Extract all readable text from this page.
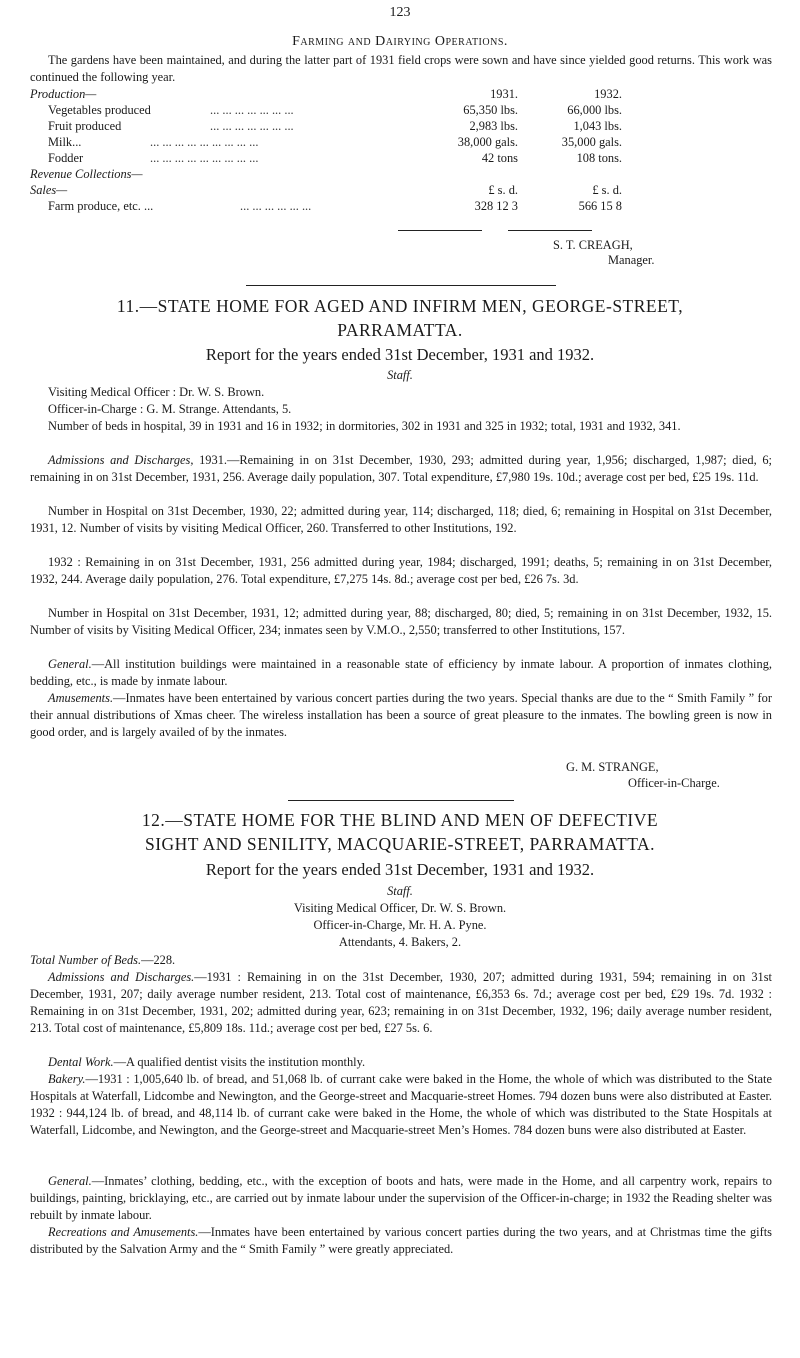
123
Farming and Dairying Operations.
The gardens have been maintained, and during the latter part of 1931 field crops were sown and have since yielded good returns. This work was continued the following year.
Production—	1931.	1932.
Vegetables produced	... ... ... ... ... ... ...	65,350 lbs.	66,000 lbs.
Fruit produced	... ... ... ... ... ... ...	2,983 lbs.	1,043 lbs.
Milk...	... ... ... ... ... ... ... ... ...	38,000 gals.	35,000 gals.
Fodder	... ... ... ... ... ... ... ... ...	42 tons	108 tons.
Revenue Collections—
Sales—	£ s. d.	£ s. d.
Farm produce, etc. ...	... ... ... ... ... ...	328 12 3	566 15 8
S. T. CREAGH,
Manager.
11.—STATE HOME FOR AGED AND INFIRM MEN, GEORGE-STREET,
PARRAMATTA.
Report for the years ended 31st December, 1931 and 1932.
Staff.
Visiting Medical Officer : Dr. W. S. Brown.
Officer-in-Charge : G. M. Strange. Attendants, 5.
Number of beds in hospital, 39 in 1931 and 16 in 1932; in dormitories, 302 in 1931 and 325 in 1932; total, 1931 and 1932, 341.
Admissions and Discharges, 1931.—Remaining in on 31st December, 1930, 293; admitted during year, 1,956; discharged, 1,987; died, 6; remaining in on 31st December, 1931, 256. Average daily population, 307. Total expenditure, £7,980 19s. 10d.; average cost per bed, £25 19s. 11d.
Number in Hospital on 31st December, 1930, 22; admitted during year, 114; discharged, 118; died, 6; remaining in Hospital on 31st December, 1931, 12. Number of visits by visiting Medical Officer, 260. Transferred to other Institutions, 192.
1932 : Remaining in on 31st December, 1931, 256 admitted during year, 1984; discharged, 1991; deaths, 5; remaining in on 31st December, 1932, 244. Average daily population, 276. Total expenditure, £7,275 14s. 8d.; average cost per bed, £26 7s. 3d.
Number in Hospital on 31st December, 1931, 12; admitted during year, 88; discharged, 80; died, 5; remaining in on 31st December, 1932, 15. Number of visits by Visiting Medical Officer, 234; inmates seen by V.M.O., 2,550; transferred to other Institutions, 157.
General.—All institution buildings were maintained in a reasonable state of efficiency by inmate labour. A proportion of inmates clothing, bedding, etc., is made by inmate labour.
Amusements.—Inmates have been entertained by various concert parties during the two years. Special thanks are due to the “ Smith Family ” for their annual distributions of Xmas cheer. The wireless installation has been a source of great pleasure to the inmates. The bowling green is now in good order, and is largely availed of by the inmates.
G. M. STRANGE,
Officer-in-Charge.
12.—STATE HOME FOR THE BLIND AND MEN OF DEFECTIVE
SIGHT AND SENILITY, MACQUARIE-STREET, PARRAMATTA.
Report for the years ended 31st December, 1931 and 1932.
Staff.
Visiting Medical Officer, Dr. W. S. Brown.
Officer-in-Charge, Mr. H. A. Pyne.
Attendants, 4. Bakers, 2.
Total Number of Beds.—228.
Admissions and Discharges.—1931 : Remaining in on the 31st December, 1930, 207; admitted during 1931, 594; remaining in on 31st December, 1931, 207; daily average number resident, 213. Total cost of maintenance, £6,353 6s. 7d.; average cost per bed, £29 19s. 7d. 1932 : Remaining in on 31st December, 1931, 202; admitted during year, 623; remaining in on 31st December, 1932, 196; daily average number resident, 213. Total cost of maintenance, £5,809 18s. 11d.; average cost per bed, £27 5s. 6.
Dental Work.—A qualified dentist visits the institution monthly.
Bakery.—1931 : 1,005,640 lb. of bread, and 51,068 lb. of currant cake were baked in the Home, the whole of which was distributed to the State Hospitals at Waterfall, Lidcombe and Newington, and the George-street and Macquarie-street Homes. 794 dozen buns were also distributed at Easter. 1932 : 944,124 lb. of bread, and 48,114 lb. of currant cake were baked in the Home, the whole of which was distributed to the State Hospitals at Waterfall, Lidcombe, and Newington, and the George-street and Macquarie-street Men’s Homes. 784 dozen buns were also distributed at Easter.
General.—Inmates’ clothing, bedding, etc., with the exception of boots and hats, were made in the Home, and all carpentry work, repairs to buildings, painting, bricklaying, etc., are carried out by inmate labour under the supervision of the Officer-in-charge; in 1932 the Reading shelter was rebuilt by inmate labour.
Recreations and Amusements.—Inmates have been entertained by various concert parties during the two years, and at Christmas time the gifts distributed by the Salvation Army and the “ Smith Family ” were greatly appreciated.
